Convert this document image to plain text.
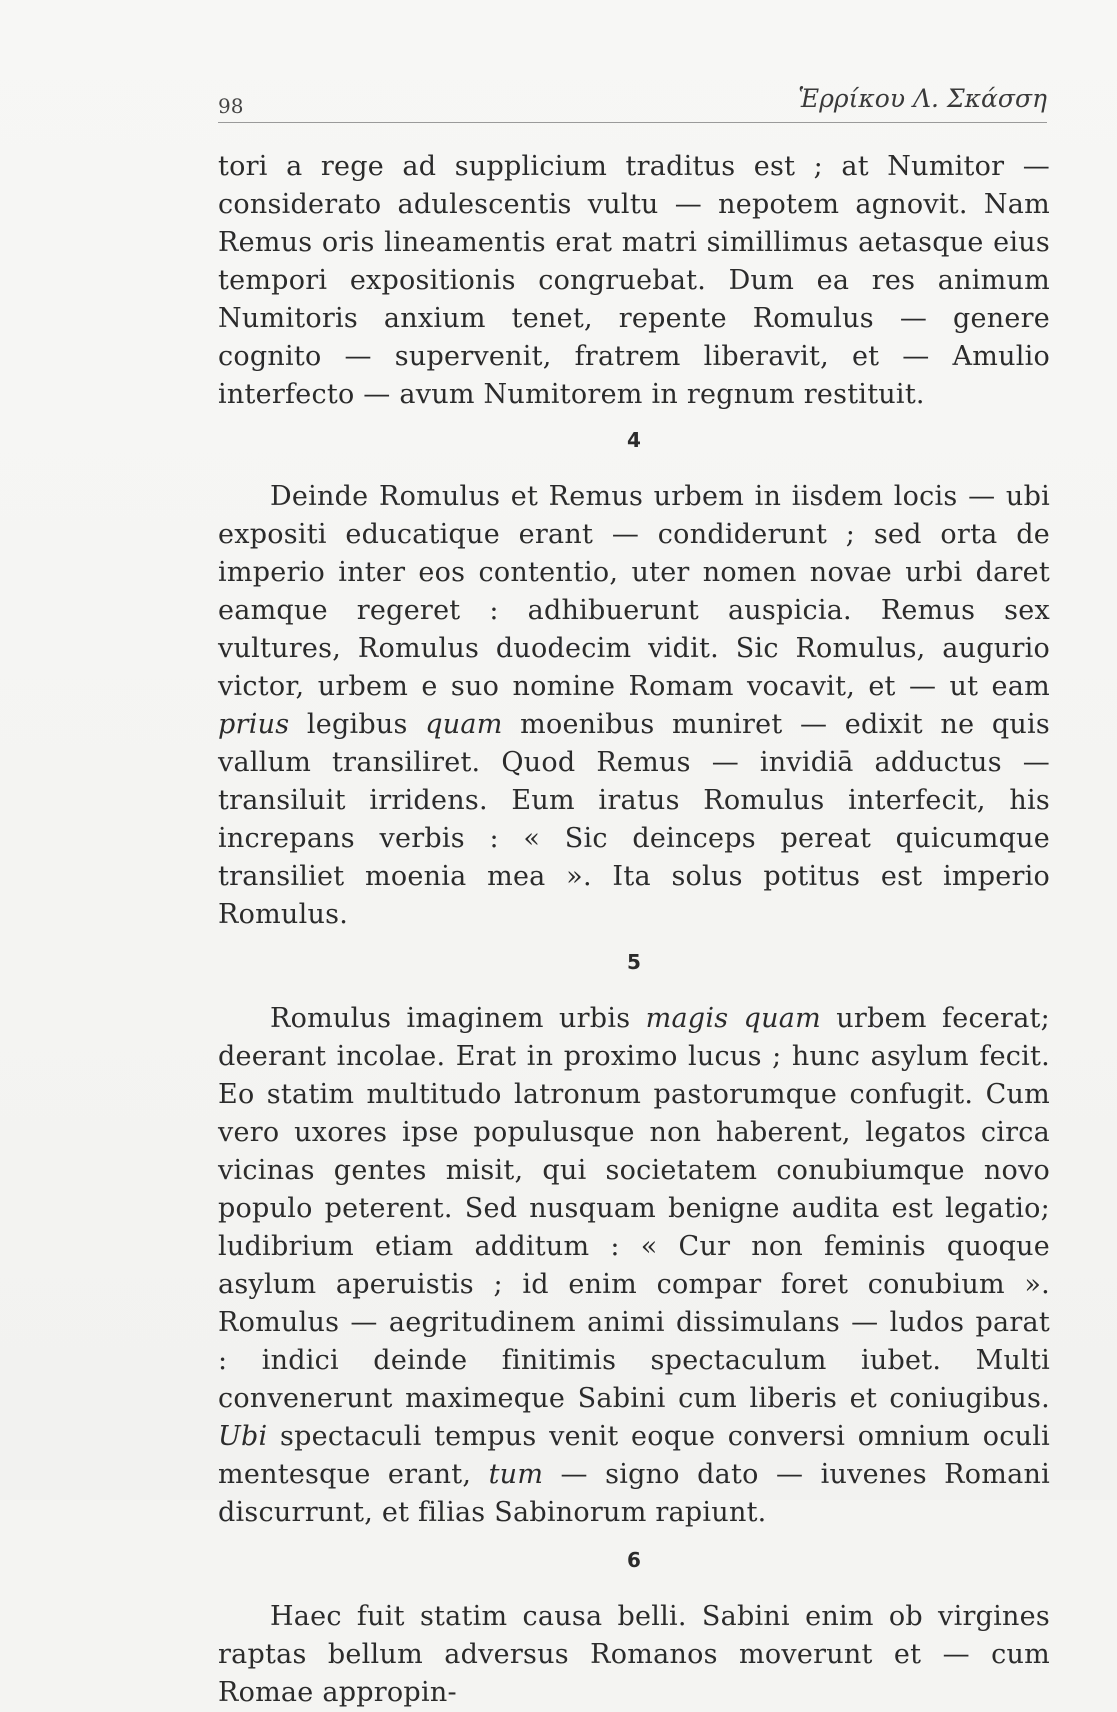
98	Ἑρρίκου Λ. Σκάσση

tori a rege ad supplicium traditus est ; at Numitor — considerato adulescentis vultu — nepotem agnovit. Nam Remus oris lineamentis erat matri simillimus aetasque eius tempori expositionis congruebat. Dum ea res animum Numitoris anxium tenet, repente Romulus — genere cognito — supervenit, fratrem liberavit, et — Amulio interfecto — avum Numitorem in regnum restituit.

4

Deinde Romulus et Remus urbem in iisdem locis — ubi expositi educatique erant — condiderunt ; sed orta de imperio inter eos contentio, uter nomen novae urbi daret eamque regeret : adhibuerunt auspicia. Remus sex vultures, Romulus duodecim vidit. Sic Romulus, augurio victor, urbem e suo nomine Romam vocavit, et — ut eam prius legibus quam moenibus muniret — edixit ne quis vallum transiliret. Quod Remus — invidiā adductus — transiluit irridens. Eum iratus Romulus interfecit, his increpans verbis : « Sic deinceps pereat quicumque transiliet moenia mea ». Ita solus potitus est imperio Romulus.

5

Romulus imaginem urbis magis quam urbem fecerat; deerant incolae. Erat in proximo lucus ; hunc asylum fecit. Eo statim multitudo latronum pastorumque confugit. Cum vero uxores ipse populusque non haberent, legatos circa vicinas gentes misit, qui societatem conubiumque novo populo peterent. Sed nusquam benigne audita est legatio; ludibrium etiam additum : « Cur non feminis quoque asylum aperuistis ; id enim compar foret conubium ». Romulus — aegritudinem animi dissimulans — ludos parat : indici deinde finitimis spectaculum iubet. Multi convenerunt maximeque Sabini cum liberis et coniugibus. Ubi spectaculi tempus venit eoque conversi omnium oculi mentesque erant, tum — signo dato — iuvenes Romani discurrunt, et filias Sabinorum rapiunt.

6

Haec fuit statim causa belli. Sabini enim ob virgines raptas bellum adversus Romanos moverunt et — cum Romae appropin-
